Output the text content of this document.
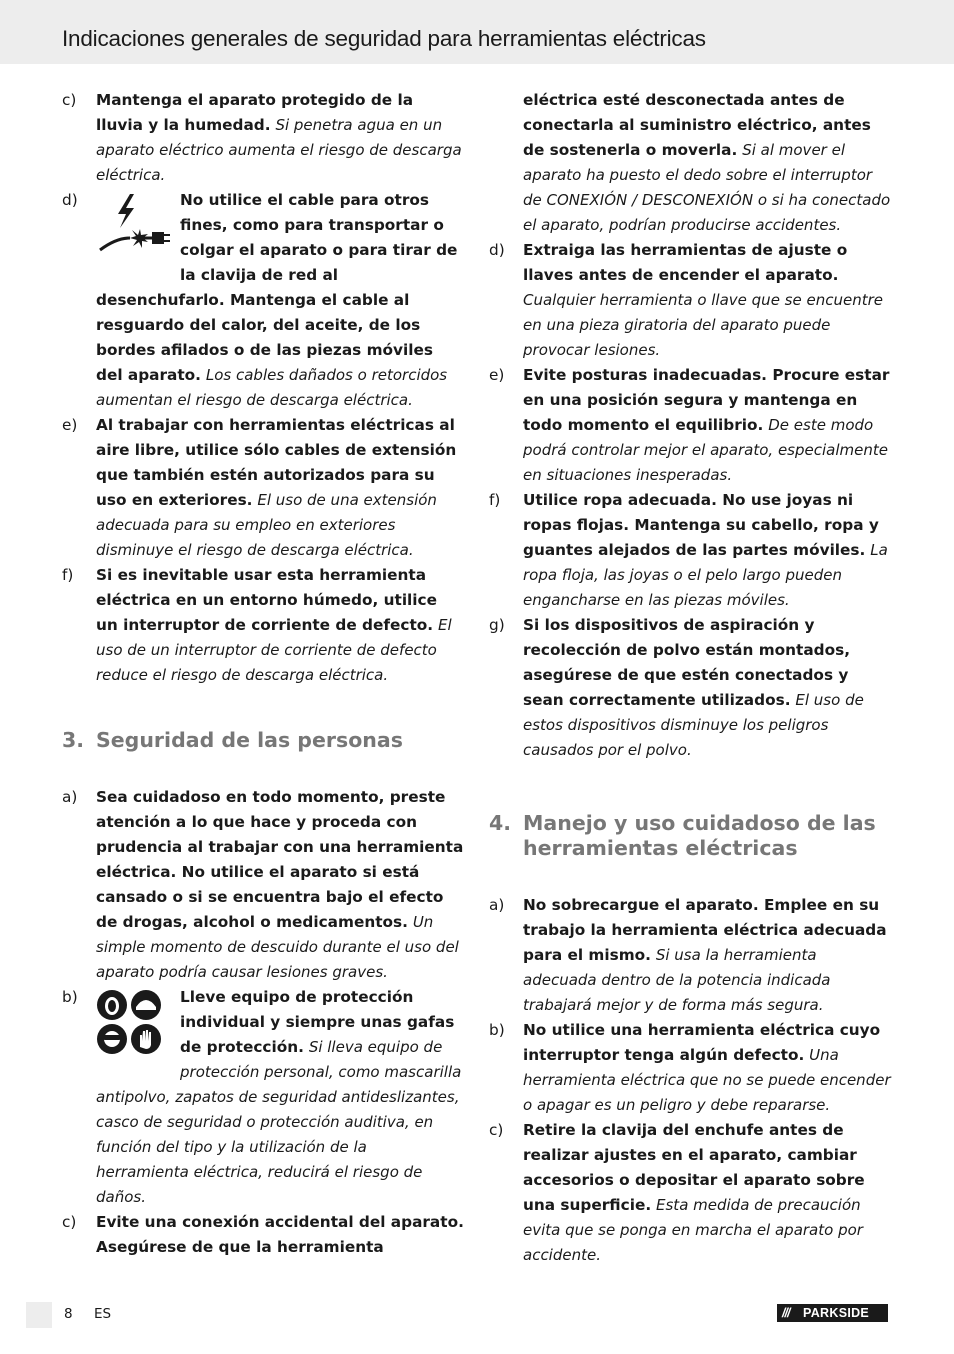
Indicaciones generales de seguridad para herramientas eléctricas
c) Mantenga el aparato protegido de la lluvia y la humedad. Si penetra agua en un aparato eléctrico aumenta el riesgo de descarga eléctrica.
d)	No utilice el cable para otros fines, como para transportar o colgar el aparato o para tirar de la clavija de red al desenchufarlo. Mantenga el cable al resguardo del calor, del aceite, de los bordes afilados o de las piezas móviles del aparato. Los cables dañados o retorcidos aumentan el riesgo de descarga eléctrica.
e) Al trabajar con herramientas eléctricas al aire libre, utilice sólo cables de extensión que también estén autorizados para su uso en exteriores. El uso de una extensión adecuada para su empleo en exteriores disminuye el riesgo de descarga eléctrica.
f) Si es inevitable usar esta herramienta eléctrica en un entorno húmedo, utilice un interruptor de corriente de defecto. El uso de un interruptor de corriente de defecto reduce el riesgo de descarga eléctrica.
3. Seguridad de las personas
a) Sea cuidadoso en todo momento, preste atención a lo que hace y proceda con prudencia al trabajar con una herramienta eléctrica. No utilice el aparato si está cansado o si se encuentra bajo el efecto de drogas, alcohol o medicamentos. Un simple momento de descuido durante el uso del aparato podría causar lesiones graves.
b)	Lleve equipo de protección individual y siempre unas gafas de protección. Si lleva equipo de protección personal, como mascarilla antipolvo, zapatos de seguridad antideslizantes, casco de seguridad o protección auditiva, en función del tipo y la utilización de la herramienta eléctrica, reducirá el riesgo de daños.
c) Evite una conexión accidental del aparato. Asegúrese de que la herramienta
eléctrica esté desconectada antes de conectarla al suministro eléctrico, antes de sostenerla o moverla. Si al mover el aparato ha puesto el dedo sobre el interruptor de CONEXIÓN / DESCONEXIÓN o si ha conectado el aparato, podrían producirse accidentes.
d) Extraiga las herramientas de ajuste o llaves antes de encender el aparato. Cualquier herramienta o llave que se encuentre en una pieza giratoria del aparato puede provocar lesiones.
e) Evite posturas inadecuadas. Procure estar en una posición segura y mantenga en todo momento el equilibrio. De este modo podrá controlar mejor el aparato, especialmente en situaciones inesperadas.
f) Utilice ropa adecuada. No use joyas ni ropas flojas. Mantenga su cabello, ropa y guantes alejados de las partes móviles. La ropa floja, las joyas o el pelo largo pueden engancharse en las piezas móviles.
g) Si los dispositivos de aspiración y recolección de polvo están montados, asegúrese de que estén conectados y sean correctamente utilizados. El uso de estos dispositivos disminuye los peligros causados por el polvo.
4. Manejo y uso cuidadoso de las herramientas eléctricas
a) No sobrecargue el aparato. Emplee en su trabajo la herramienta eléctrica adecuada para el mismo. Si usa la herramienta adecuada dentro de la potencia indicada trabajará mejor y de forma más segura.
b) No utilice una herramienta eléctrica cuyo interruptor tenga algún defecto. Una herramienta eléctrica que no se puede encender o apagar es un peligro y debe repararse.
c) Retire la clavija del enchufe antes de realizar ajustes en el aparato, cambiar accesorios o depositar el aparato sobre una superficie. Esta medida de precaución evita que se ponga en marcha el aparato por accidente.
8 ES	/// PARKSIDE
